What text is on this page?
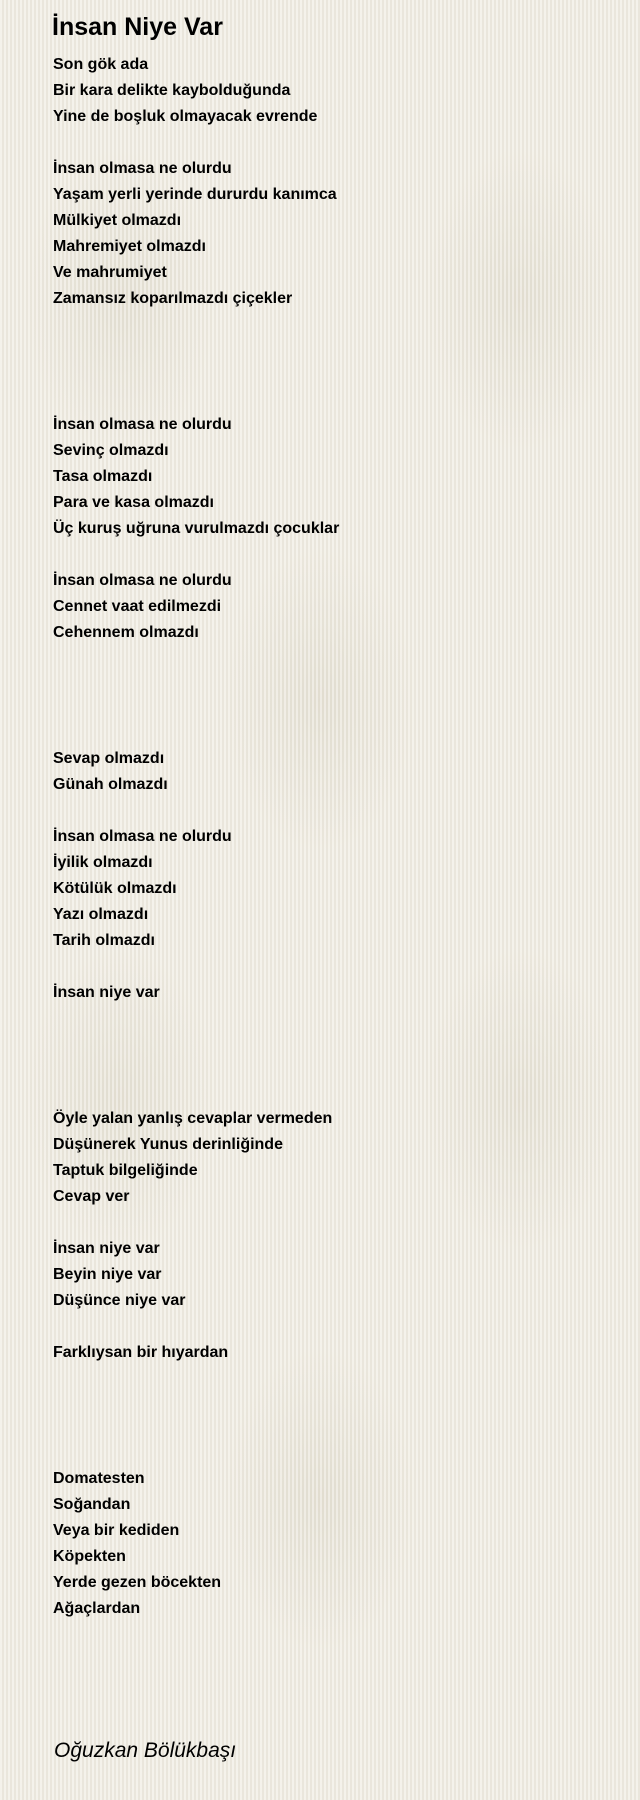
İnsan Niye Var
Son gök ada
Bir kara delikte kaybolduğunda
Yine de boşluk olmayacak evrende
İnsan olmasa ne olurdu
Yaşam yerli yerinde dururdu kanımca
Mülkiyet olmazdı
Mahremiyet olmazdı
Ve mahrumiyet
Zamansız koparılmazdı çiçekler
İnsan olmasa ne olurdu
Sevinç olmazdı
Tasa olmazdı
Para ve kasa olmazdı
Üç kuruş uğruna vurulmazdı çocuklar
İnsan olmasa ne olurdu
Cennet vaat edilmezdi
Cehennem olmazdı
Sevap olmazdı
Günah olmazdı
İnsan olmasa ne olurdu
İyilik olmazdı
Kötülük olmazdı
Yazı olmazdı
Tarih olmazdı
İnsan niye var
Öyle yalan yanlış cevaplar vermeden
Düşünerek Yunus derinliğinde
Taptuk bilgeliğinde
Cevap ver
İnsan niye var
Beyin niye var
Düşünce niye var
Farklıysan bir hıyardan
Domatesten
Soğandan
Veya bir kediden
Köpekten
Yerde gezen böcekten
Ağaçlardan
Oğuzkan Bölükbaşı
